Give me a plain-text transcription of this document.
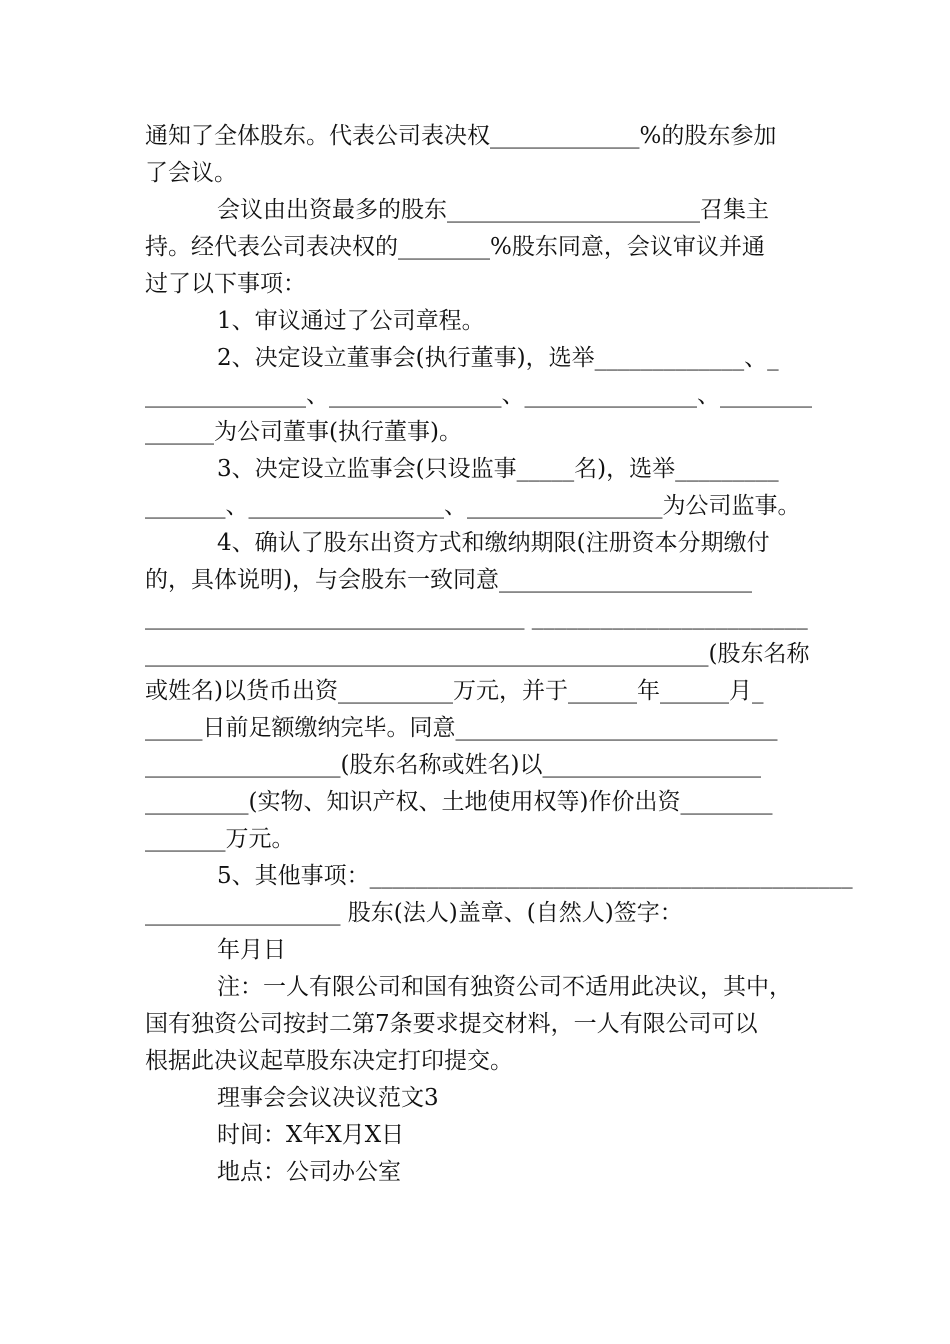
通知了全体股东。代表公司表决权_____________%的股东参加
了会议。
会议由出资最多的股东______________________召集主
持。经代表公司表决权的________%股东同意，会议审议并通
过了以下事项：
1、审议通过了公司章程。
2、决定设立董事会(执行董事)，选举_____________、_
______________、_______________、_______________、________
______为公司董事(执行董事)。
3、决定设立监事会(只设监事_____名)，选举_________
_______、_________________、_________________为公司监事。
4、确认了股东出资方式和缴纳期限(注册资本分期缴付
的，具体说明)，与会股东一致同意______________________
_________________________________ ________________________
_________________________________________________(股东名称
或姓名)以货币出资__________万元，并于______年______月_
_____日前足额缴纳完毕。同意____________________________
_________________(股东名称或姓名)以___________________
_________(实物、知识产权、土地使用权等)作价出资________
_______万元。
5、其他事项：__________________________________________
_________________ 股东(法人)盖章、(自然人)签字：
年月日
注：一人有限公司和国有独资公司不适用此决议，其中，
国有独资公司按封二第7条要求提交材料，一人有限公司可以
根据此决议起草股东决定打印提交。
理事会会议决议范文3
时间：X年X月X日
地点：公司办公室
